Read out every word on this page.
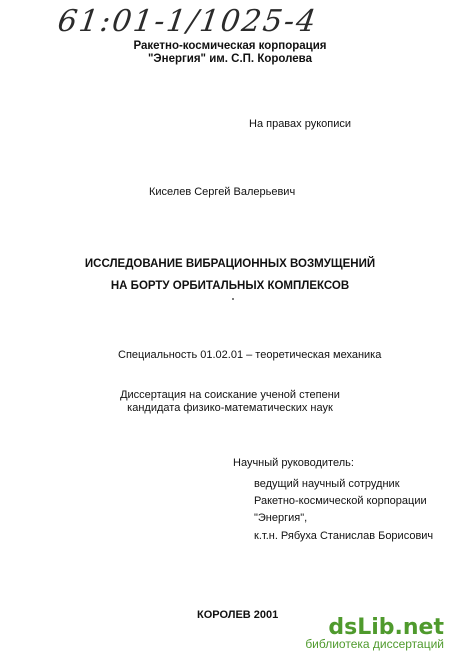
61:01-1/1025-4
Ракетно-космическая корпорация
"Энергия" им. С.П. Королева
На правах рукописи
Киселев Сергей Валерьевич
ИССЛЕДОВАНИЕ ВИБРАЦИОННЫХ ВОЗМУЩЕНИЙ
НА БОРТУ ОРБИТАЛЬНЫХ КОМПЛЕКСОВ
Специальность 01.02.01 – теоретическая механика
Диссертация на соискание ученой степени
кандидата физико-математических наук
Научный руководитель:
ведущий научный сотрудник
Ракетно-космической корпорации
"Энергия",
к.т.н. Рябуха Станислав Борисович
КОРОЛЕВ 2001	dsLib.net
библиотека диссертаций
